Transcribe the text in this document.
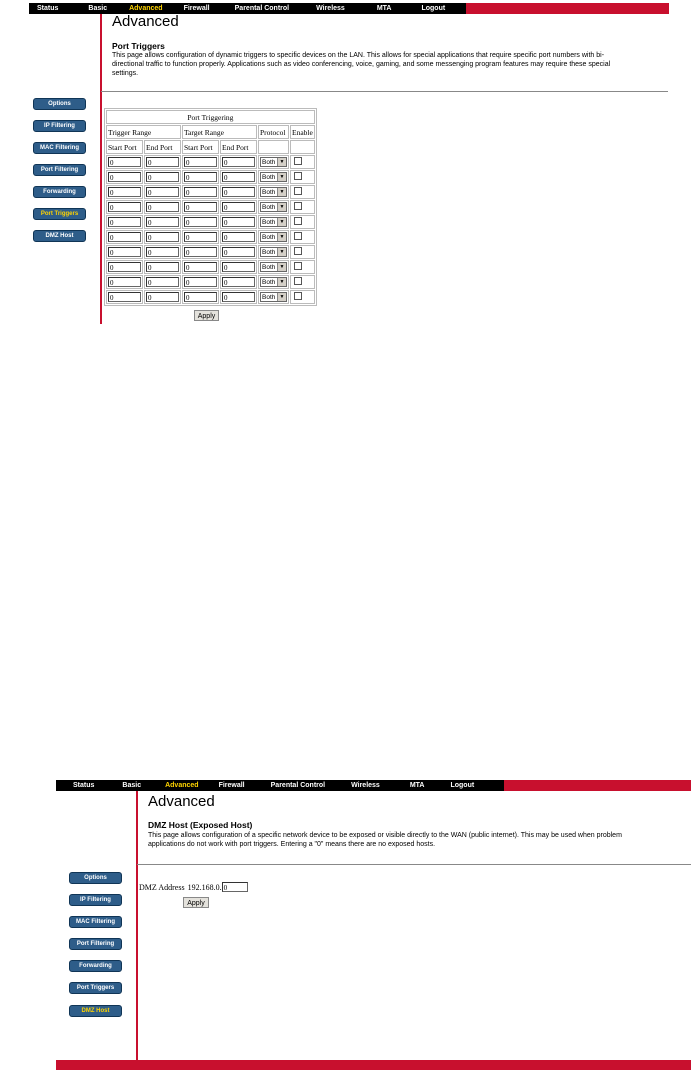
Status	Basic	Advanced	Firewall	Parental Control	Wireless	MTA	Logout
Advanced
Port Triggers
This page allows configuration of dynamic triggers to specific devices on the LAN. This allows for special applications that require specific port numbers with bi-
directional traffic to function properly. Applications such as video conferencing, voice, gaming, and some messenging program features may require these special
settings.
Options
IP Filtering
MAC Filtering
Port Filtering
Forwarding
Port Triggers
DMZ Host
Port Triggering					
Trigger Range		Target Range		Protocol	Enable
Start Port	End Port	Start Port	End Port		

0	0	0	0	Both ▼	

0	0	0	0	Both ▼	

0	0	0	0	Both ▼	

0	0	0	0	Both ▼	

0	0	0	0	Both ▼	

0	0	0	0	Both ▼	

0	0	0	0	Both ▼	

0	0	0	0	Both ▼	

0	0	0	0	Both ▼	

0	0	0	0	Both ▼	

Apply
Status	Basic	Advanced	Firewall	Parental Control	Wireless	MTA	Logout
Advanced
DMZ Host (Exposed Host)
This page allows configuration of a specific network device to be exposed or visible directly to the WAN (public internet). This may be used when problem
applications do not work with port triggers. Entering a "0" means there are no exposed hosts.
Options
IP Filtering
MAC Filtering
Port Filtering
Forwarding
Port Triggers
DMZ Host
DMZ Address 192.168.0. 0
Apply
